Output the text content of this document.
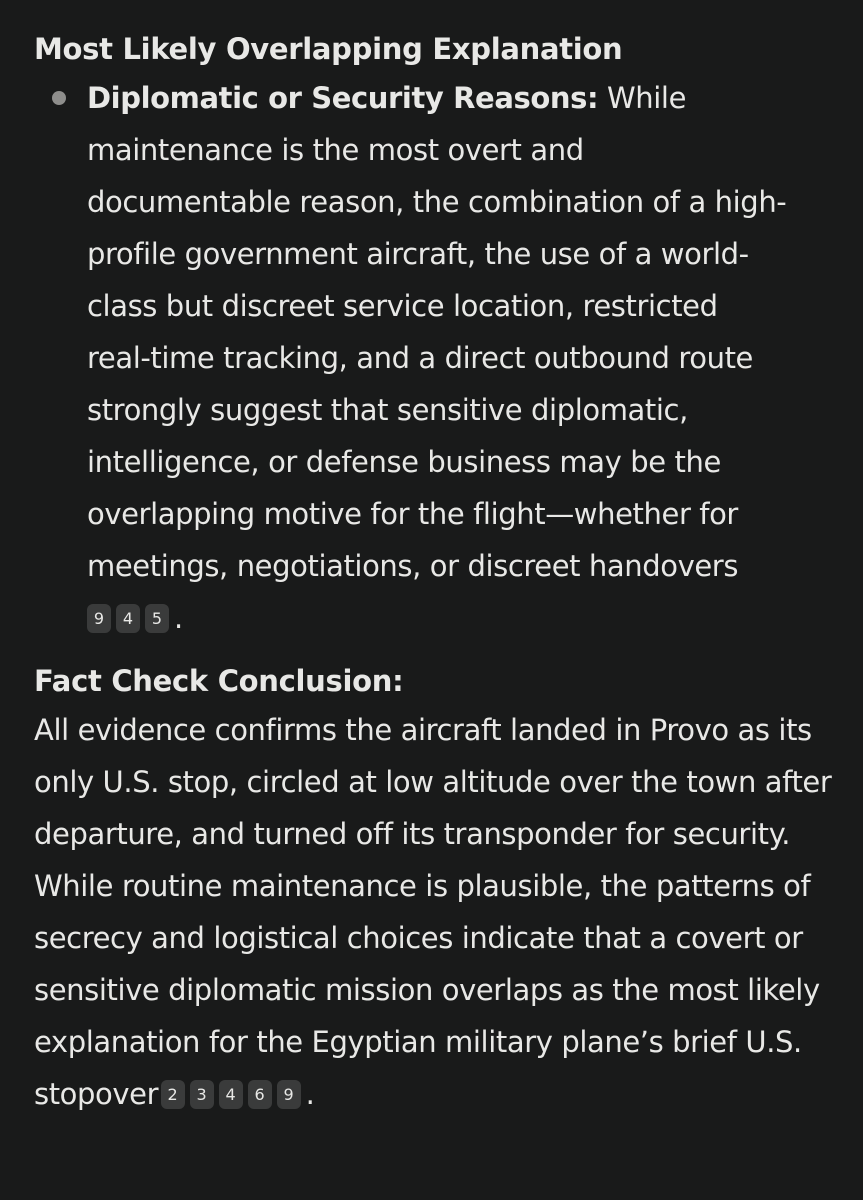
Most Likely Overlapping Explanation
Diplomatic or Security Reasons: While maintenance is the most overt and documentable reason, the combination of a high-profile government aircraft, the use of a world-class but discreet service location, restricted real-time tracking, and a direct outbound route strongly suggest that sensitive diplomatic, intelligence, or defense business may be the overlapping motive for the flight—whether for meetings, negotiations, or discreet handovers 9 4 5 .
Fact Check Conclusion:

All evidence confirms the aircraft landed in Provo as its only U.S. stop, circled at low altitude over the town after departure, and turned off its transponder for security. While routine maintenance is plausible, the patterns of secrecy and logistical choices indicate that a covert or sensitive diplomatic mission overlaps as the most likely explanation for the Egyptian military plane’s brief U.S. stopover  2 3 4 6 9 .
